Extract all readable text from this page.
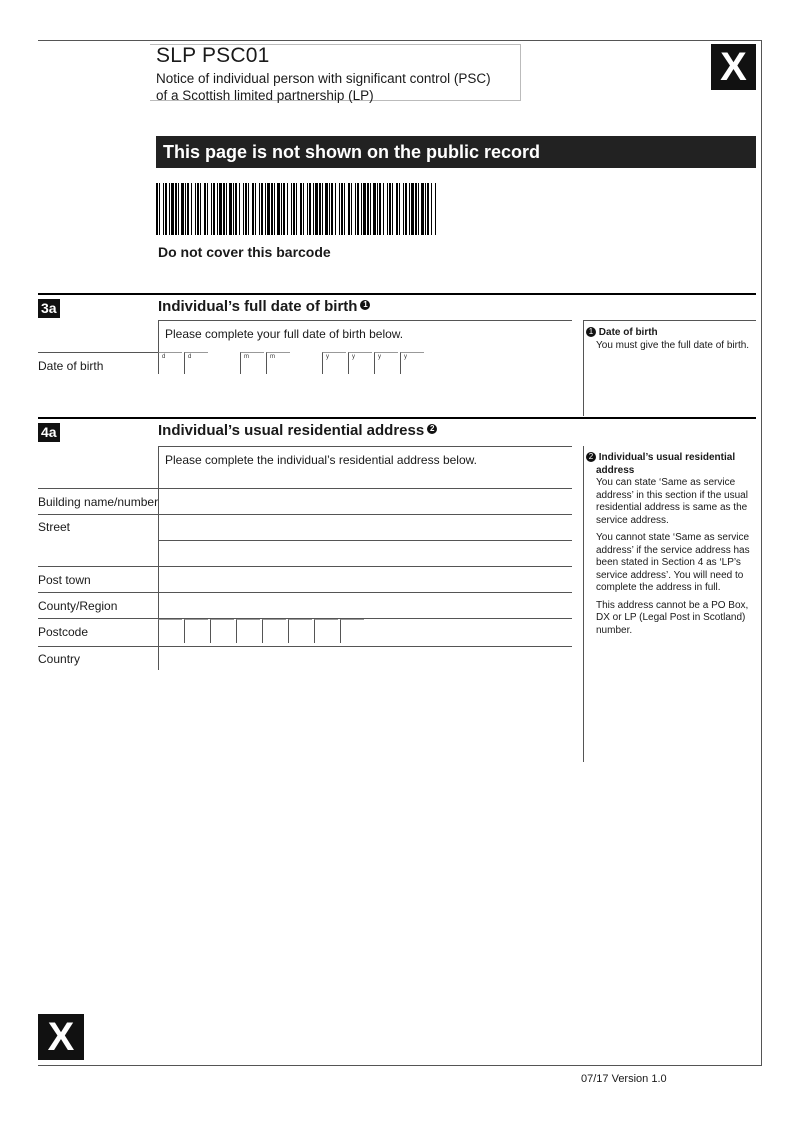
SLP PSC01
Notice of individual person with significant control (PSC)
of a Scottish limited partnership (LP)
X
This page is not shown on the public record
Do not cover this barcode
3a	Individual’s full date of birth 1
Please complete your full date of birth below.
Date of birth
d	d	m	m	y	y	y	y
1 Date of birth
You must give the full date of birth.
4a	Individual’s usual residential address 2
Please complete the individual’s residential address below.
Building name/number
Street
Post town
County/Region
Postcode
Country
2 Individual’s usual residential

address
You can state ‘Same as service address’ in this section if the usual residential address is same as the service address.
You cannot state ‘Same as service address’ if the service address has been stated in Section 4 as ‘LP’s service address’. You will need to complete the address in full.
This address cannot be a PO Box, DX or LP (Legal Post in Scotland) number.
X
07/17 Version 1.0
